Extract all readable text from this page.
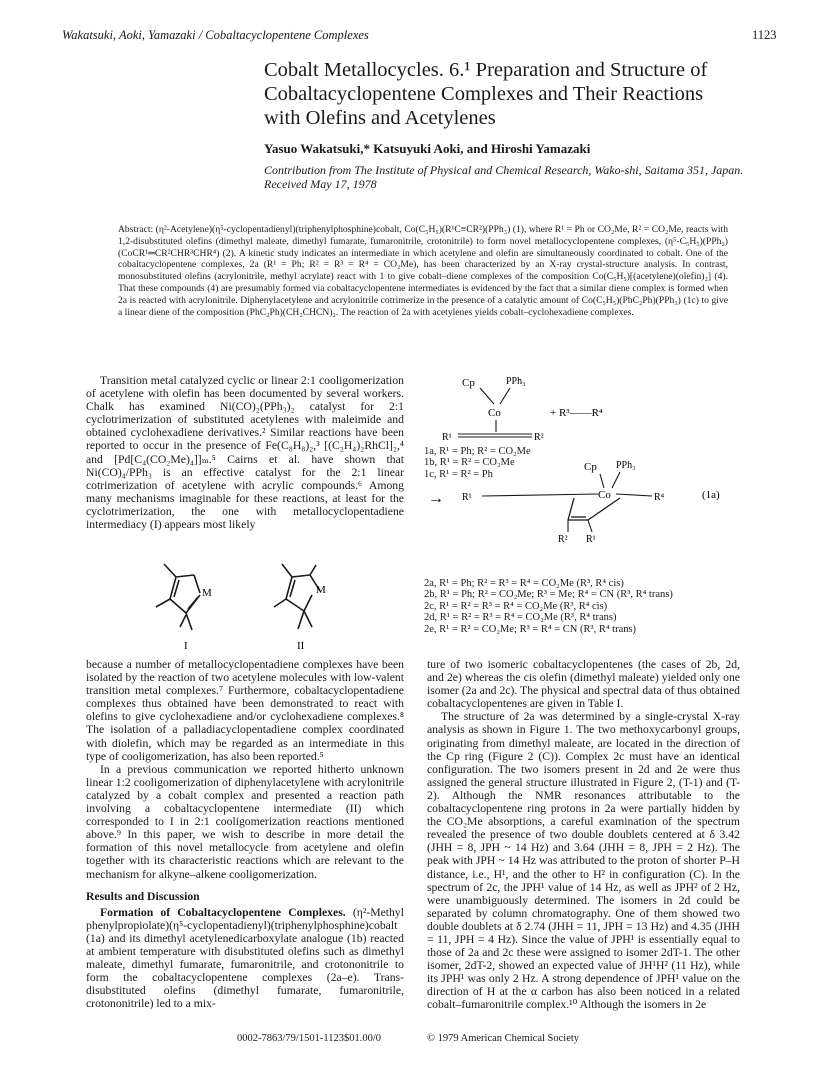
Wakatsuki, Aoki, Yamazaki / Cobaltacyclopentene Complexes	1123
Cobalt Metallocycles. 6.¹ Preparation and Structure of Cobaltacyclopentene Complexes and Their Reactions with Olefins and Acetylenes
Yasuo Wakatsuki,* Katsuyuki Aoki, and Hiroshi Yamazaki
Contribution from The Institute of Physical and Chemical Research, Wako-shi, Saitama 351, Japan. Received May 17, 1978
Abstract: (η²-Acetylene)(η⁵-cyclopentadienyl)(triphenylphosphine)cobalt, Co(C₅H₅)(R¹C≡CR²)(PPh₃) (1), where R¹ = Ph or CO₂Me, R² = CO₂Me, reacts with 1,2-disubstituted olefins (dimethyl maleate, dimethyl fumarate, fumaronitrile, crotonitrile) to form novel metallocyclopentene complexes, (η⁵-C₅H₅)(PPh₃)(CoCR¹═CR²CHR³CHR⁴) (2). A kinetic study indicates an intermediate in which acetylene and olefin are simultaneously coordinated to cobalt. One of the cobaltacyclopentene complexes, 2a (R¹ = Ph; R² = R³ = R⁴ = CO₂Me), has been characterized by an X-ray crystal-structure analysis. In contrast, monosubstituted olefins (acrylonitrile, methyl acrylate) react with 1 to give cobalt–diene complexes of the composition Co(C₅H₅)[(acetylene)(olefin)₂] (4). That these compounds (4) are presumably formed via cobaltacyclopentene intermediates is evidenced by the fact that a similar diene complex is formed when 2a is reacted with acrylonitrile. Diphenylacetylene and acrylonitrile cotrimerize in the presence of a catalytic amount of Co(C₅H₅)(PhC₂Ph)(PPh₃) (1c) to give a linear diene of the composition (PhC₂Ph)(CH₂CHCN)₂. The reaction of 2a with acetylenes yields cobalt–cyclohexadiene complexes.

Transition metal catalyzed cyclic or linear 2:1 cooligomerization of acetylene with olefin has been documented by several workers. Chalk has examined Ni(CO)₂(PPh₃)₂ catalyst for 2:1 cyclotrimerization of substituted acetylenes with maleimide and obtained cyclohexadiene derivatives.² Similar reactions have been reported to occur in the presence of Fe(C₈H₈)₂,³ [(C₂H₄)₂RhCl]₂,⁴ and [Pd[C₄(CO₂Me)₄]]ₘ.⁵ Cairns et al. have shown that Ni(CO)₄/PPh₃ is an effective catalyst for the 2:1 linear cotrimerization of acetylene with acrylic compounds.⁶ Among many mechanisms imaginable for these reactions, at least for the cyclotrimerization, the one with metallocyclopentadiene intermediacy (I) appears most likely

M	M
I	II

because a number of metallocyclopentadiene complexes have been isolated by the reaction of two acetylene molecules with low-valent transition metal complexes.⁷ Furthermore, cobaltacyclopentadiene complexes thus obtained have been demonstrated to react with olefins to give cyclohexadiene and/or cyclohexadiene complexes.⁸ The isolation of a palladiacyclopentadiene complex coordinated with diolefin, which may be regarded as an intermediate in this type of cooligomerization, has also been reported.⁵

In a previous communication we reported hitherto unknown linear 1:2 cooligomerization of diphenylacetylene with acrylonitrile catalyzed by a cobalt complex and presented a reaction path involving a cobaltacyclopentene intermediate (II) which corresponded to I in 2:1 cooligomerization reactions mentioned above.⁹ In this paper, we wish to describe in more detail the formation of this novel metallocycle from acetylene and olefin together with its characteristic reactions which are relevant to the mechanism for alkyne–alkene cooligomerization.

Results and Discussion

Formation of Cobaltacyclopentene Complexes. (η²-Methyl phenylpropiolate)(η⁵-cyclopentadienyl)(triphenylphosphine)cobalt (1a) and its dimethyl acetylenedicarboxylate analogue (1b) reacted at ambient temperature with disubstituted olefins such as dimethyl maleate, dimethyl fumarate, fumaronitrile, and crotononitrile to form the cobaltacyclopentene complexes (2a–e). Trans-disubstituted olefins (dimethyl fumarate, fumaronitrile, crotononitrile) led to a mix-

Cp	PPh₃
Co	+ R³——R⁴
R¹	R²
→
Cp PPh₃
R¹	Co	R⁴
R² R¹
(1a)
1a, R¹ = Ph; R² = CO₂Me
1b, R¹ = R² = CO₂Me
1c, R¹ = R² = Ph
2a, R¹ = Ph; R² = R³ = R⁴ = CO₂Me (R³, R⁴ cis)
2b, R¹ = Ph; R² = CO₂Me; R³ = Me; R⁴ = CN (R³, R⁴ trans)
2c, R¹ = R² = R³ = R⁴ = CO₂Me (R³, R⁴ cis)
2d, R¹ = R² = R³ = R⁴ = CO₂Me (R³, R⁴ trans)
2e, R¹ = R² = CO₂Me; R³ = R⁴ = CN (R³, R⁴ trans)

ture of two isomeric cobaltacyclopentenes (the cases of 2b, 2d, and 2e) whereas the cis olefin (dimethyl maleate) yielded only one isomer (2a and 2c). The physical and spectral data of thus obtained cobaltacyclopentenes are given in Table I.

The structure of 2a was determined by a single-crystal X-ray analysis as shown in Figure 1. The two methoxycarbonyl groups, originating from dimethyl maleate, are located in the direction of the Cp ring (Figure 2 (C)). Complex 2c must have an identical configuration. The two isomers present in 2d and 2e were thus assigned the general structure illustrated in Figure 2, (T-1) and (T-2). Although the NMR resonances attributable to the cobaltacyclopentene ring protons in 2a were partially hidden by the CO₂Me absorptions, a careful examination of the spectrum revealed the presence of two double doublets centered at δ 3.42 (JHH = 8, JPH ~ 14 Hz) and 3.64 (JHH = 8, JPH = 2 Hz). The peak with JPH ~ 14 Hz was attributed to the proton of shorter P–H distance, i.e., H¹, and the other to H² in configuration (C). In the spectrum of 2c, the JPH¹ value of 14 Hz, as well as JPH² of 2 Hz, were unambiguously determined. The isomers in 2d could be separated by column chromatography. One of them showed two double doublets at δ 2.74 (JHH = 11, JPH = 13 Hz) and 4.35 (JHH = 11, JPH = 4 Hz). Since the value of JPH¹ is essentially equal to those of 2a and 2c these were assigned to isomer 2dT-1. The other isomer, 2dT-2, showed an expected value of JH¹H² (11 Hz), while its JPH¹ was only 2 Hz. A strong dependence of JPH¹ value on the direction of H at the α carbon has also been noticed in a related cobalt–fumaronitrile complex.¹⁰ Although the isomers in 2e

0002-7863/79/1501-1123$01.00/0	© 1979 American Chemical Society
